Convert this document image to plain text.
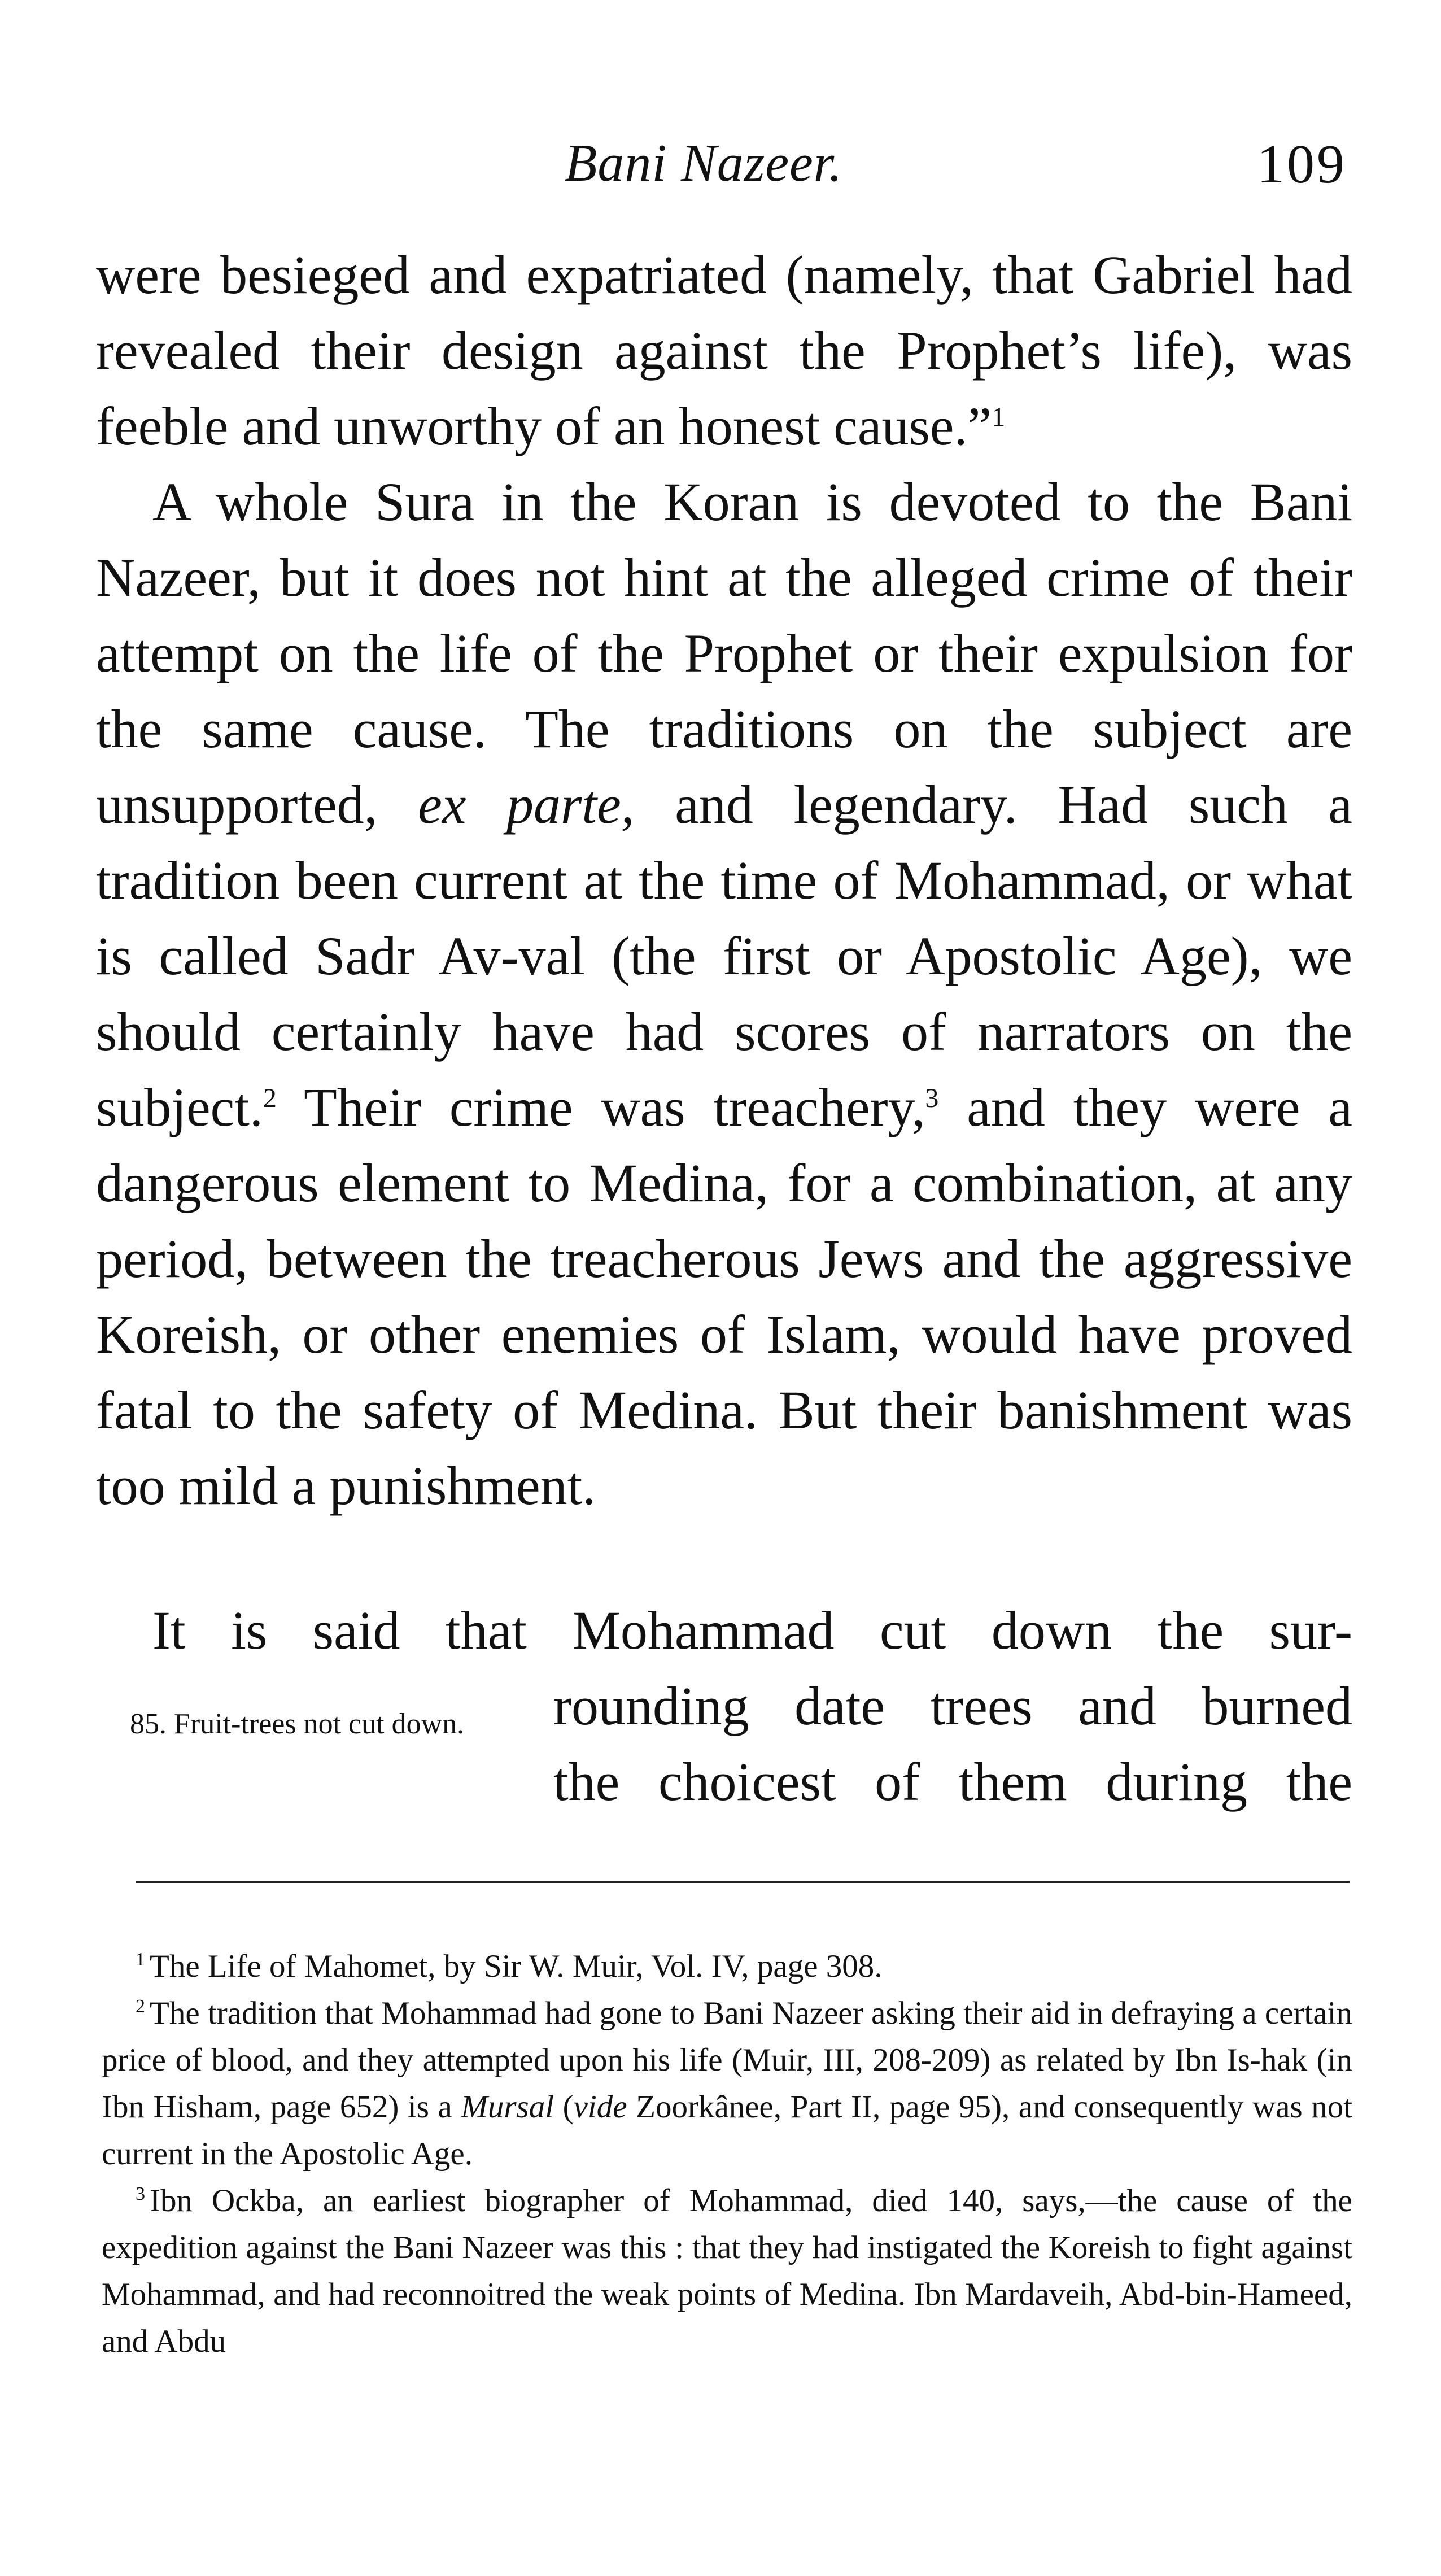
Bani Nazeer.	109

were besieged and expatriated (namely, that Gabriel had revealed their design against the Prophet’s life), was feeble and unworthy of an honest cause.”$^1$

A whole Sura in the Koran is devoted to the Bani Nazeer, but it does not hint at the alleged crime of their attempt on the life of the Prophet or their expulsion for the same cause. The traditions on the subject are unsupported, ex parte, and legendary. Had such a tradition been current at the time of Mohammad, or what is called Sadr Av-val (the first or Apostolic Age), we should certainly have had scores of narrators on the subject.$^2$ Their crime was treachery,$^3$ and they were a dangerous element to Medina, for a combination, at any period, between the treacherous Jews and the aggressive Koreish, or other enemies of Islam, would have proved fatal to the safety of Medina. But their banishment was too mild a punishment.

It is said that Mohammad cut down the sur-
85. Fruit-trees not cut down.	rounding date trees and burned

the choicest of them during the

$^1$ The Life of Mahomet, by Sir W. Muir, Vol. IV, page 308.

$^2$ The tradition that Mohammad had gone to Bani Nazeer asking their aid in defraying a certain price of blood, and they attempted upon his life (Muir, III, 208-209) as related by Ibn Is-hak (in Ibn Hisham, page 652) is a Mursal (vide Zoorkânee, Part II, page 95), and consequently was not current in the Apostolic Age.

$^3$ Ibn Ockba, an earliest biographer of Mohammad, died 140, says,—the cause of the expedition against the Bani Nazeer was this : that they had instigated the Koreish to fight against Mohammad, and had reconnoitred the weak points of Medina. Ibn Mardaveih, Abd-bin-Hameed, and Abdu
